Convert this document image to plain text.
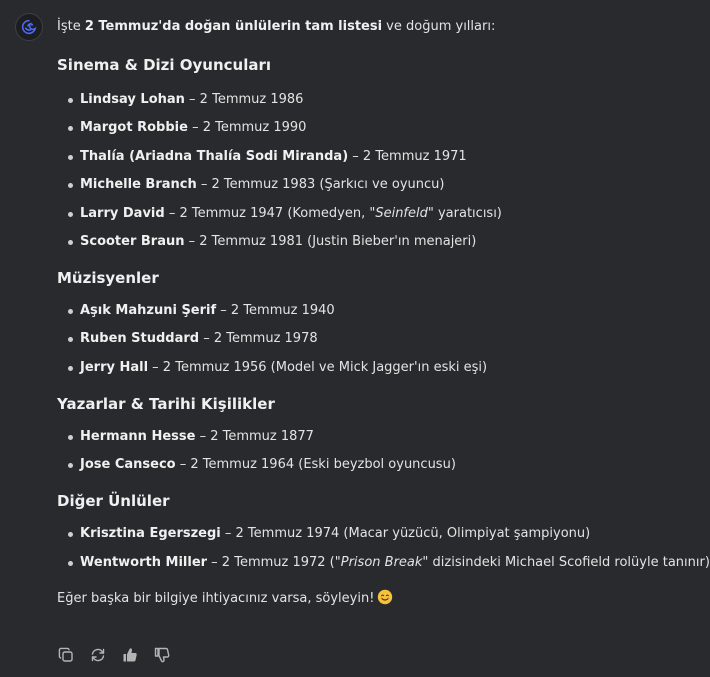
İşte 2 Temmuz'da doğan ünlülerin tam listesi ve doğum yılları:

Sinema & Dizi Oyuncuları
Lindsay Lohan – 2 Temmuz 1986
Margot Robbie – 2 Temmuz 1990
Thalía (Ariadna Thalía Sodi Miranda) – 2 Temmuz 1971
Michelle Branch – 2 Temmuz 1983 (Şarkıcı ve oyuncu)
Larry David – 2 Temmuz 1947 (Komedyen, "Seinfeld" yaratıcısı)
Scooter Braun – 2 Temmuz 1981 (Justin Bieber'ın menajeri)
Müzisyenler
Aşık Mahzuni Şerif – 2 Temmuz 1940
Ruben Studdard – 2 Temmuz 1978
Jerry Hall – 2 Temmuz 1956 (Model ve Mick Jagger'ın eski eşi)
Yazarlar & Tarihi Kişilikler
Hermann Hesse – 2 Temmuz 1877
Jose Canseco – 2 Temmuz 1964 (Eski beyzbol oyuncusu)
Diğer Ünlüler
Krisztina Egerszegi – 2 Temmuz 1974 (Macar yüzücü, Olimpiyat şampiyonu)
Wentworth Miller – 2 Temmuz 1972 ("Prison Break" dizisindeki Michael Scofield rolüyle tanınır)

Eğer başka bir bilgiye ihtiyacınız varsa, söyleyin!
